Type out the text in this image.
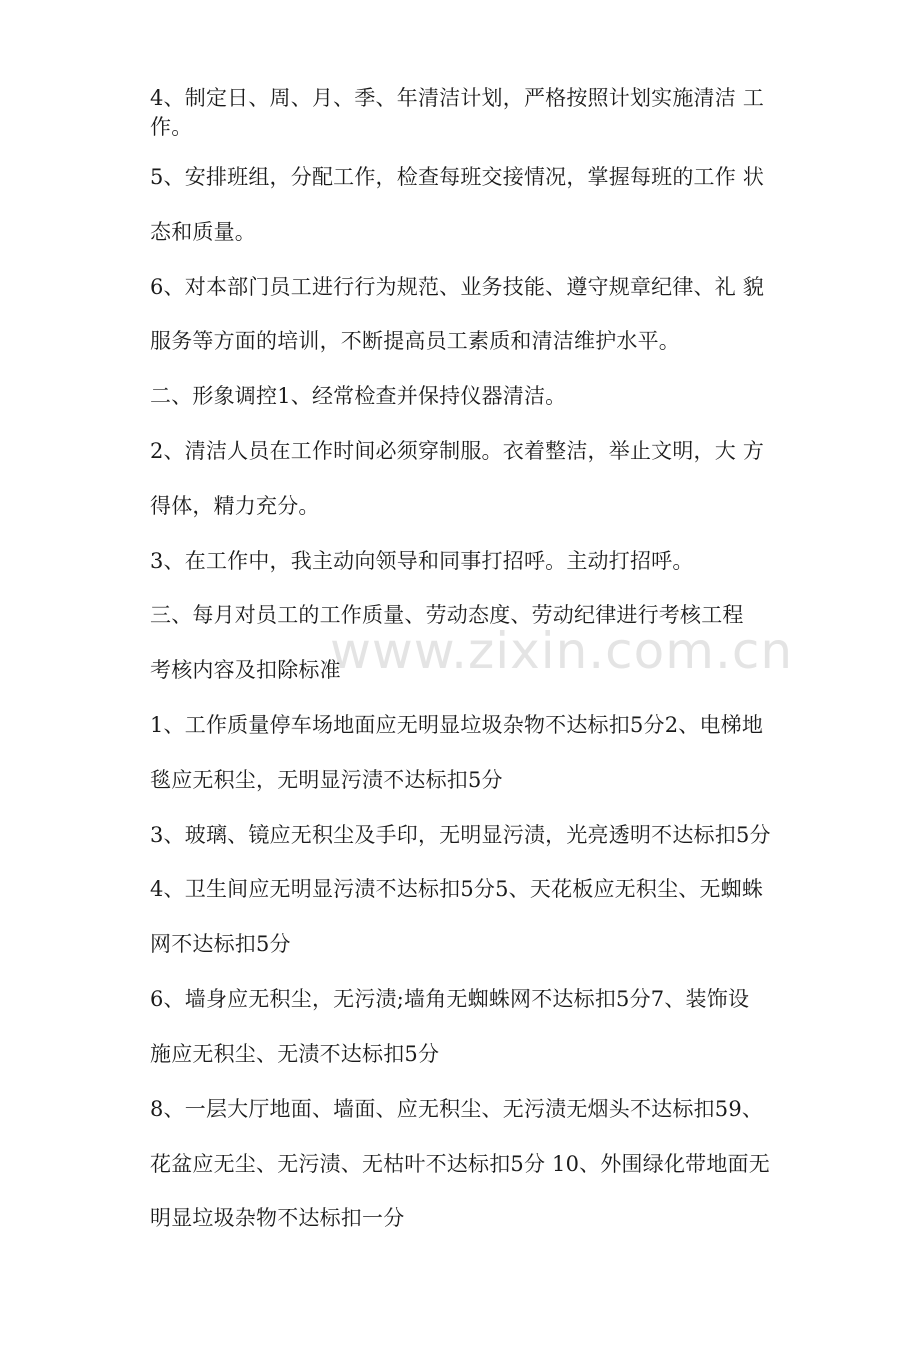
www.zixin.com.cn
4、制定日、周、月、季、年清洁计划，严格按照计划实施清洁 工
作。
5、安排班组，分配工作，检查每班交接情况，掌握每班的工作 状
态和质量。
6、对本部门员工进行行为规范、业务技能、遵守规章纪律、礼 貌
服务等方面的培训，不断提高员工素质和清洁维护水平。
二、形象调控1、经常检查并保持仪器清洁。
2、清洁人员在工作时间必须穿制服。衣着整洁，举止文明，大 方
得体，精力充分。
3、在工作中，我主动向领导和同事打招呼。主动打招呼。
三、每月对员工的工作质量、劳动态度、劳动纪律进行考核工程
考核内容及扣除标准
1、工作质量停车场地面应无明显垃圾杂物不达标扣5分2、电梯地
毯应无积尘，无明显污渍不达标扣5分
3、玻璃、镜应无积尘及手印，无明显污渍，光亮透明不达标扣5分
4、卫生间应无明显污渍不达标扣5分5、天花板应无积尘、无蜘蛛
网不达标扣5分
6、墙身应无积尘，无污渍;墙角无蜘蛛网不达标扣5分7、装饰设
施应无积尘、无渍不达标扣5分
8、一层大厅地面、墙面、应无积尘、无污渍无烟头不达标扣59、
花盆应无尘、无污渍、无枯叶不达标扣5分 10、外围绿化带地面无
明显垃圾杂物不达标扣一分
